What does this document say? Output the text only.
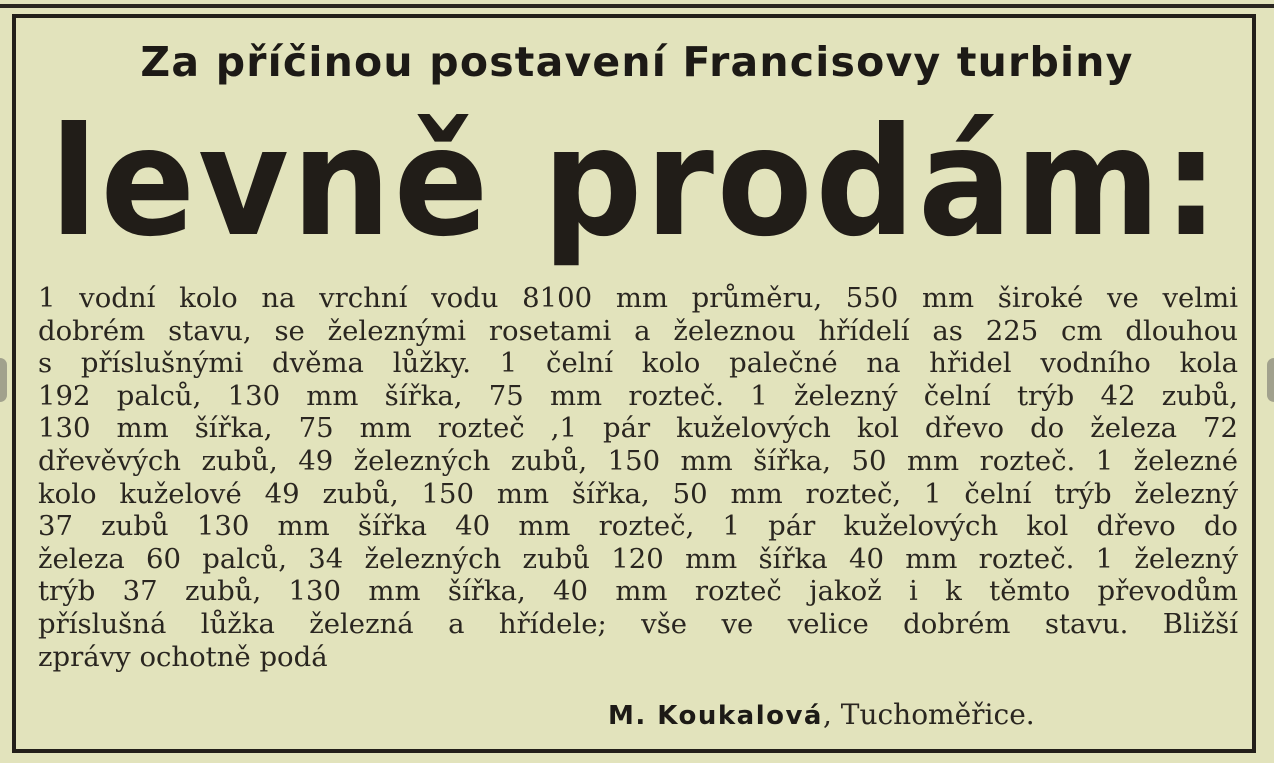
Za příčinou postavení Francisovy turbiny
levně prodám:
1 vodní kolo na vrchní vodu 8100 mm průměru, 550 mm široké ve velmi
dobrém stavu, se železnými rosetami a železnou hřídelí as 225 cm dlouhou
s příslušnými dvěma lůžky. 1 čelní kolo palečné na hřidel vodního kola
192 palců, 130 mm šířka, 75 mm rozteč. 1 železný čelní trýb 42 zubů,
130 mm šířka, 75 mm rozteč ,1 pár kuželových kol dřevo do železa 72
dřevěvých zubů, 49 železných zubů, 150 mm šířka, 50 mm rozteč. 1 železné
kolo kuželové 49 zubů, 150 mm šířka, 50 mm rozteč, 1 čelní trýb železný
37 zubů 130 mm šířka 40 mm rozteč, 1 pár kuželových kol dřevo do
železa 60 palců, 34 železných zubů 120 mm šířka 40 mm rozteč. 1 železný
trýb 37 zubů, 130 mm šířka, 40 mm rozteč jakož i k těmto převodům
příslušná lůžka železná a hřídele; vše ve velice dobrém stavu. Bližší
zprávy ochotně podá
M. Koukalová, Tuchoměřice.
